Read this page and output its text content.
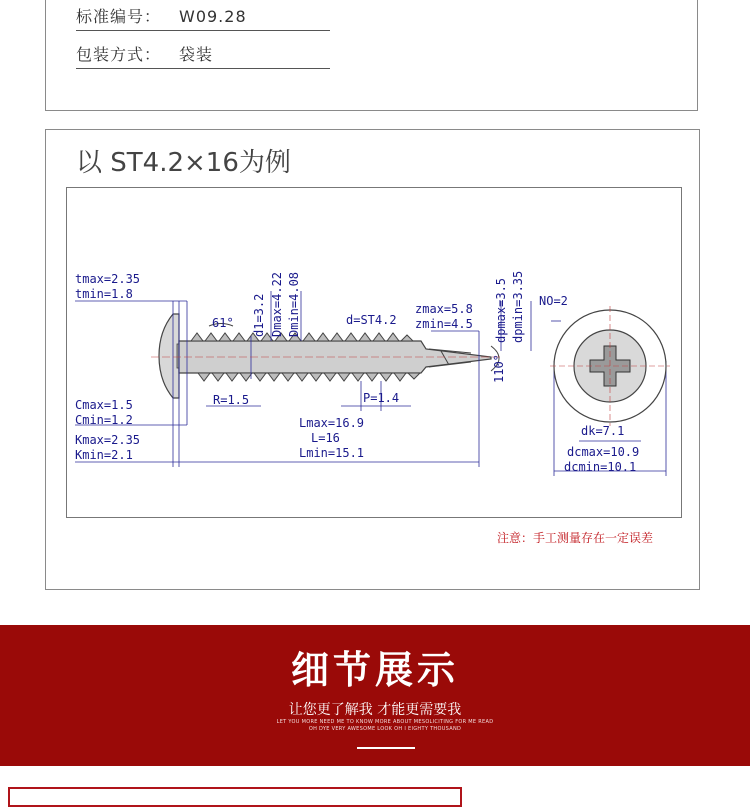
标准编号： W09.28
包装方式： 袋装
以 ST4.2×16为例
tmax=2.35
tmin=1.8
61° d1=3.2 Dmax=4.22 Dmin=4.08	d=ST4.2
zmax=5.8
zmin=4.5 dpmax=3.5 dpmin=3.35
110°
NO=2
Cmax=1.5
Cmin=1.2
R=1.5	P=1.4
Kmax=2.35
Kmin=2.1
Lmax=16.9
L=16
Lmin=15.1
dk=7.1
dcmax=10.9
dcmin=10.1
注意：手工测量存在一定误差
细节展示
让您更了解我 才能更需要我
LET YOU MORE NEED ME TO KNOW MORE ABOUT MESOLICITING FOR ME READ
OH DYE VERY AWESOME LOOK OH I EIGHTY THOUSAND
